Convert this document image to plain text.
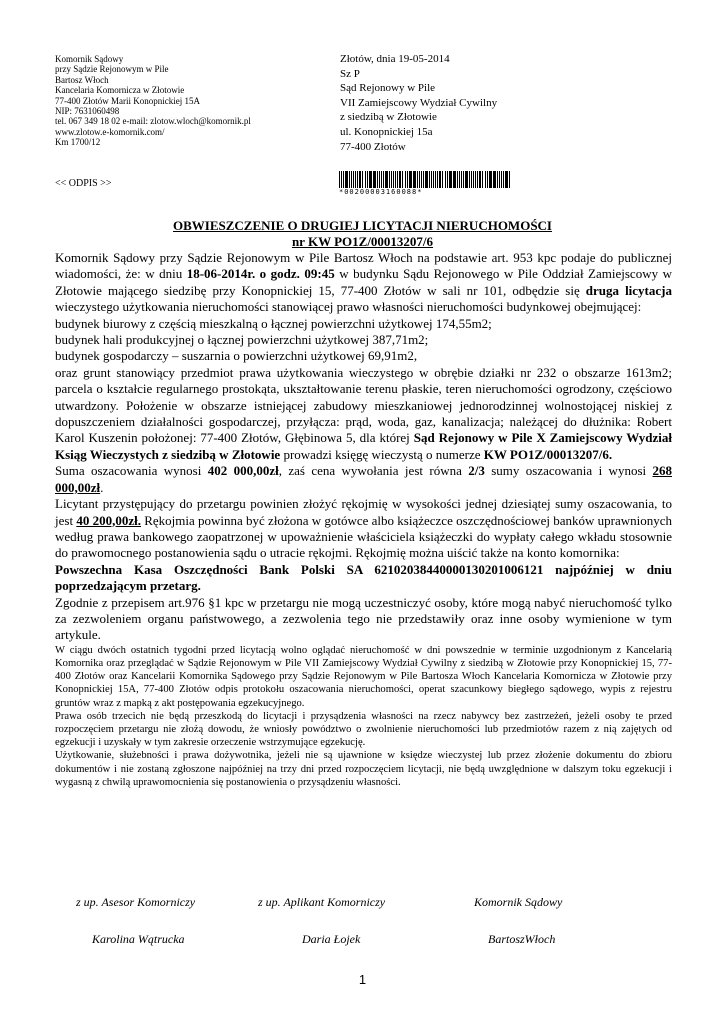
Komornik Sądowy
przy Sądzie Rejonowym w Pile
Bartosz Włoch
Kancelaria Komornicza w Złotowie
77-400 Złotów Marii Konopnickiej 15A
NIP: 7631060498
tel. 067 349 18 02 e-mail: zlotow.wloch@komornik.pl
www.zlotow.e-komornik.com/
Km 1700/12
<< ODPIS >>
Złotów, dnia 19-05-2014
Sz P
Sąd Rejonowy w Pile
VII Zamiejscowy Wydział Cywilny
z siedzibą w Złotowie
ul. Konopnickiej 15a
77-400 Złotów
*00200003160088*
OBWIESZCZENIE O DRUGIEJ LICYTACJI NIERUCHOMOŚCI
nr KW PO1Z/00013207/6

Komornik Sądowy przy Sądzie Rejonowym w Pile Bartosz Włoch na podstawie art. 953 kpc podaje do publicznej wiadomości, że: w dniu 18-06-2014r. o godz. 09:45 w budynku Sądu Rejonowego w Pile Oddział Zamiejscowy w Złotowie mającego siedzibę przy Konopnickiej 15, 77-400 Złotów w sali nr 101, odbędzie się druga licytacja wieczystego użytkowania nieruchomości stanowiącej prawo własności nieruchomości budynkowej obejmującej:

budynek biurowy z częścią mieszkalną o łącznej powierzchni użytkowej 174,55m2;
budynek hali produkcyjnej o łącznej powierzchni użytkowej 387,71m2;
budynek gospodarczy – suszarnia o powierzchni użytkowej 69,91m2,

oraz grunt stanowiący przedmiot prawa użytkowania wieczystego w obrębie działki nr 232 o obszarze 1613m2; parcela o kształcie regularnego prostokąta, ukształtowanie terenu płaskie, teren nieruchomości ogrodzony, częściowo utwardzony. Położenie w obszarze istniejącej zabudowy mieszkaniowej jednorodzinnej wolnostojącej niskiej z dopuszczeniem działalności gospodarczej, przyłącza: prąd, woda, gaz, kanalizacja; należącej do dłużnika: Robert Karol Kuszenin położonej: 77-400 Złotów, Głębinowa 5, dla której Sąd Rejonowy w Pile X Zamiejscowy Wydział Ksiąg Wieczystych z siedzibą w Złotowie prowadzi księgę wieczystą o numerze KW PO1Z/00013207/6.

Suma oszacowania wynosi 402 000,00zł, zaś cena wywołania jest równa 2/3 sumy oszacowania i wynosi 268 000,00zł.

Licytant przystępujący do przetargu powinien złożyć rękojmię w wysokości jednej dziesiątej sumy oszacowania, to jest 40 200,00zł. Rękojmia powinna być złożona w gotówce albo książeczce oszczędnościowej banków uprawnionych według prawa bankowego zaopatrzonej w upoważnienie właściciela książeczki do wypłaty całego wkładu stosownie do prawomocnego postanowienia sądu o utracie rękojmi. Rękojmię można uiścić także na konto komornika:

Powszechna Kasa Oszczędności Bank Polski SA 62102038440000130201006121 najpóźniej w dniu poprzedzającym przetarg.

Zgodnie z przepisem art.976 §1 kpc w przetargu nie mogą uczestniczyć osoby, które mogą nabyć nieruchomość tylko za zezwoleniem organu państwowego, a zezwolenia tego nie przedstawiły oraz inne osoby wymienione w tym artykule.

W ciągu dwóch ostatnich tygodni przed licytacją wolno oglądać nieruchomość w dni powszednie w terminie uzgodnionym z Kancelarią Komornika oraz przeglądać w Sądzie Rejonowym w Pile VII Zamiejscowy Wydział Cywilny z siedzibą w Złotowie przy Konopnickiej 15, 77-400 Złotów oraz Kancelarii Komornika Sądowego przy Sądzie Rejonowym w Pile Bartosza Włoch Kancelaria Komornicza w Złotowie przy Konopnickiej 15A, 77-400 Złotów odpis protokołu oszacowania nieruchomości, operat szacunkowy biegłego sądowego, wypis z rejestru gruntów wraz z mapką z akt postępowania egzekucyjnego.

Prawa osób trzecich nie będą przeszkodą do licytacji i przysądzenia własności na rzecz nabywcy bez zastrzeżeń, jeżeli osoby te przed rozpoczęciem przetargu nie złożą dowodu, że wniosły powództwo o zwolnienie nieruchomości lub przedmiotów razem z nią zajętych od egzekucji i uzyskały w tym zakresie orzeczenie wstrzymujące egzekucję.

Użytkowanie, służebności i prawa dożywotnika, jeżeli nie są ujawnione w księdze wieczystej lub przez złożenie dokumentu do zbioru dokumentów i nie zostaną zgłoszone najpóźniej na trzy dni przed rozpoczęciem licytacji, nie będą uwzględnione w dalszym toku egzekucji i wygasną z chwilą uprawomocnienia się postanowienia o przysądzeniu własności.

z up. Asesor Komorniczy	z up. Aplikant Komorniczy	Komornik Sądowy
Karolina Wątrucka	Daria Łojek	BartoszWłoch
1
